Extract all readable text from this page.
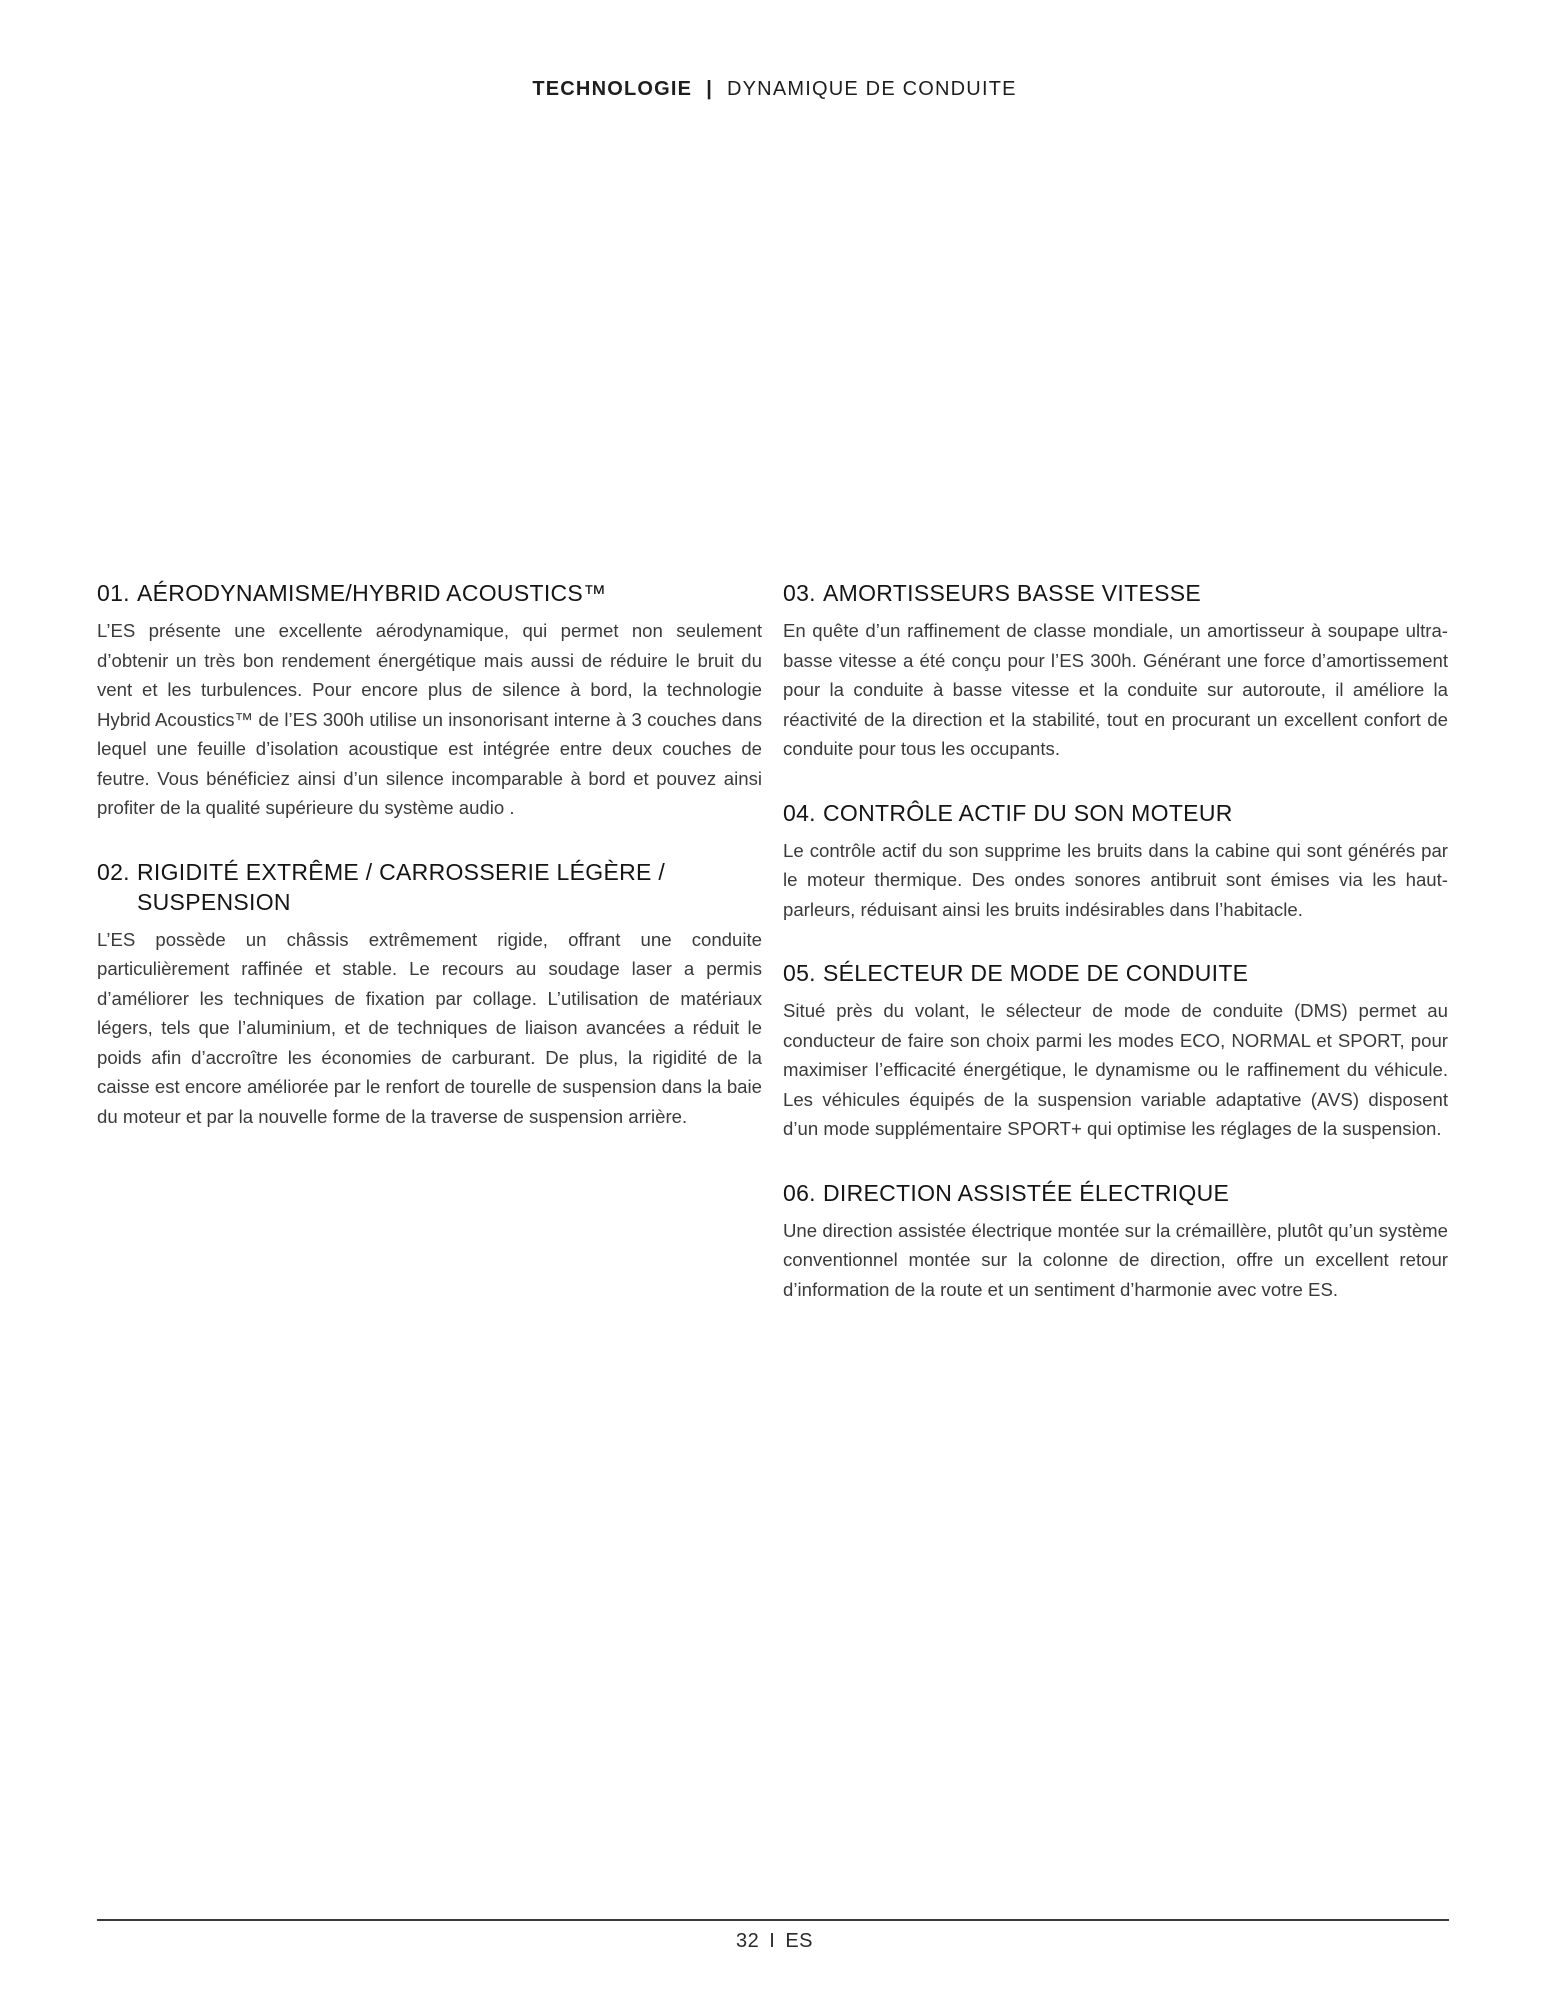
TECHNOLOGIE | DYNAMIQUE DE CONDUITE
01. AÉRODYNAMISME/HYBRID ACOUSTICS™

L’ES présente une excellente aérodynamique, qui permet non seulement d’obtenir un très bon rendement énergétique mais aussi de réduire le bruit du vent et les turbulences. Pour encore plus de silence à bord, la technologie Hybrid Acoustics™ de l’ES 300h utilise un insonorisant interne à 3 couches dans lequel une feuille d’isolation acoustique est intégrée entre deux couches de feutre. Vous bénéficiez ainsi d’un silence incomparable à bord et pouvez ainsi profiter de la qualité supérieure du système audio .

02. RIGIDITÉ EXTRÊME / CARROSSERIE LÉGÈRE / SUSPENSION

L’ES possède un châssis extrêmement rigide, offrant une conduite particulièrement raffinée et stable. Le recours au soudage laser a permis d’améliorer les techniques de fixation par collage. L’utilisation de matériaux légers, tels que l’aluminium, et de techniques de liaison avancées a réduit le poids afin d’accroître les économies de carburant. De plus, la rigidité de la caisse est encore améliorée par le renfort de tourelle de suspension dans la baie du moteur et par la nouvelle forme de la traverse de suspension arrière.

03. AMORTISSEURS BASSE VITESSE

En quête d’un raffinement de classe mondiale, un amortisseur à soupape ultra-basse vitesse a été conçu pour l’ES 300h. Générant une force d’amortissement pour la conduite à basse vitesse et la conduite sur autoroute, il améliore la réactivité de la direction et la stabilité, tout en procurant un excellent confort de conduite pour tous les occupants.

04. CONTRÔLE ACTIF DU SON MOTEUR

Le contrôle actif du son supprime les bruits dans la cabine qui sont générés par le moteur thermique. Des ondes sonores antibruit sont émises via les haut-parleurs, réduisant ainsi les bruits indésirables dans l’habitacle.

05. SÉLECTEUR DE MODE DE CONDUITE

Situé près du volant, le sélecteur de mode de conduite (DMS) permet au conducteur de faire son choix parmi les modes ECO, NORMAL et SPORT, pour maximiser l’efficacité énergétique, le dynamisme ou le raffinement du véhicule. Les véhicules équipés de la suspension variable adaptative (AVS) disposent d’un mode supplémentaire SPORT+ qui optimise les réglages de la suspension.

06. DIRECTION ASSISTÉE ÉLECTRIQUE

Une direction assistée électrique montée sur la crémaillère, plutôt qu’un système conventionnel montée sur la colonne de direction, offre un excellent retour d’information de la route et un sentiment d’harmonie avec votre ES.

32 I ES
